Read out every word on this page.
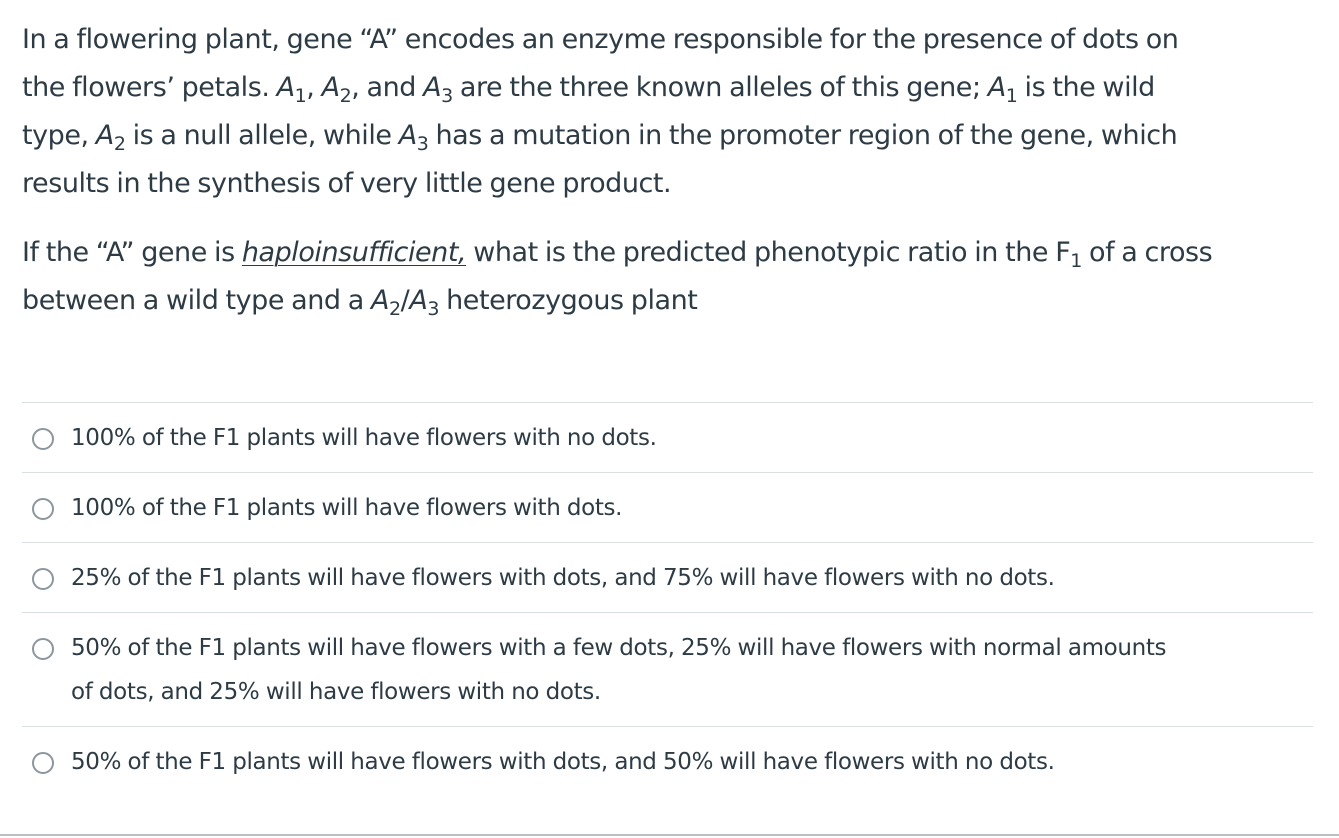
In a flowering plant, gene “A” encodes an enzyme responsible for the presence of dots on
the flowers’ petals. $A_1$, $A_2$, and $A_3$ are the three known alleles of this gene; $A_1$ is the wild
type, $A_2$ is a null allele, while $A_3$ has a mutation in the promoter region of the gene, which
results in the synthesis of very little gene product.

If the “A” gene is haploinsufficient, what is the predicted phenotypic ratio in the $F_1$ of a cross
between a wild type and a $A_2/A_3$ heterozygous plant

100% of the F1 plants will have flowers with no dots.
100% of the F1 plants will have flowers with dots.
25% of the F1 plants will have flowers with dots, and 75% will have flowers with no dots.
50% of the F1 plants will have flowers with a few dots, 25% will have flowers with normal amounts
of dots, and 25% will have flowers with no dots.
50% of the F1 plants will have flowers with dots, and 50% will have flowers with no dots.
